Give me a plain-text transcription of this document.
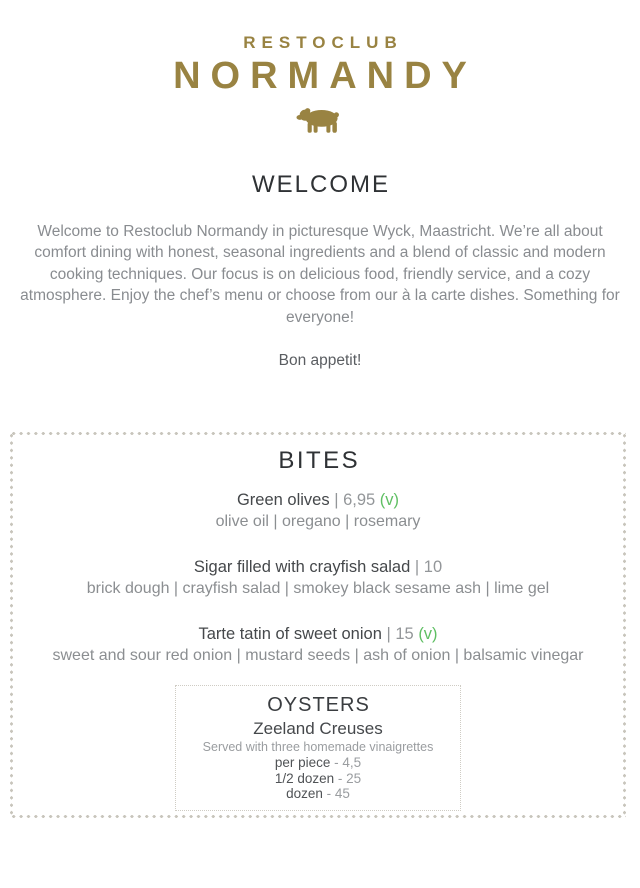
RESTOCLUB
NORMANDY
WELCOME

Welcome to Restoclub Normandy in picturesque Wyck, Maastricht. We’re all about comfort dining with honest, seasonal ingredients and a blend of classic and modern cooking techniques. Our focus is on delicious food, friendly service, and a cozy atmosphere. Enjoy the chef’s menu or choose from our à la carte dishes. Something for everyone!

Bon appetit!

BITES
Green olives | 6,95 (v)
olive oil | oregano | rosemary
Sigar filled with crayfish salad | 10
brick dough | crayfish salad | smokey black sesame ash | lime gel
Tarte tatin of sweet onion | 15 (v)
sweet and sour red onion | mustard seeds | ash of onion | balsamic vinegar
OYSTERS
Zeeland Creuses
Served with three homemade vinaigrettes
per piece - 4,5
1/2 dozen - 25
dozen - 45
